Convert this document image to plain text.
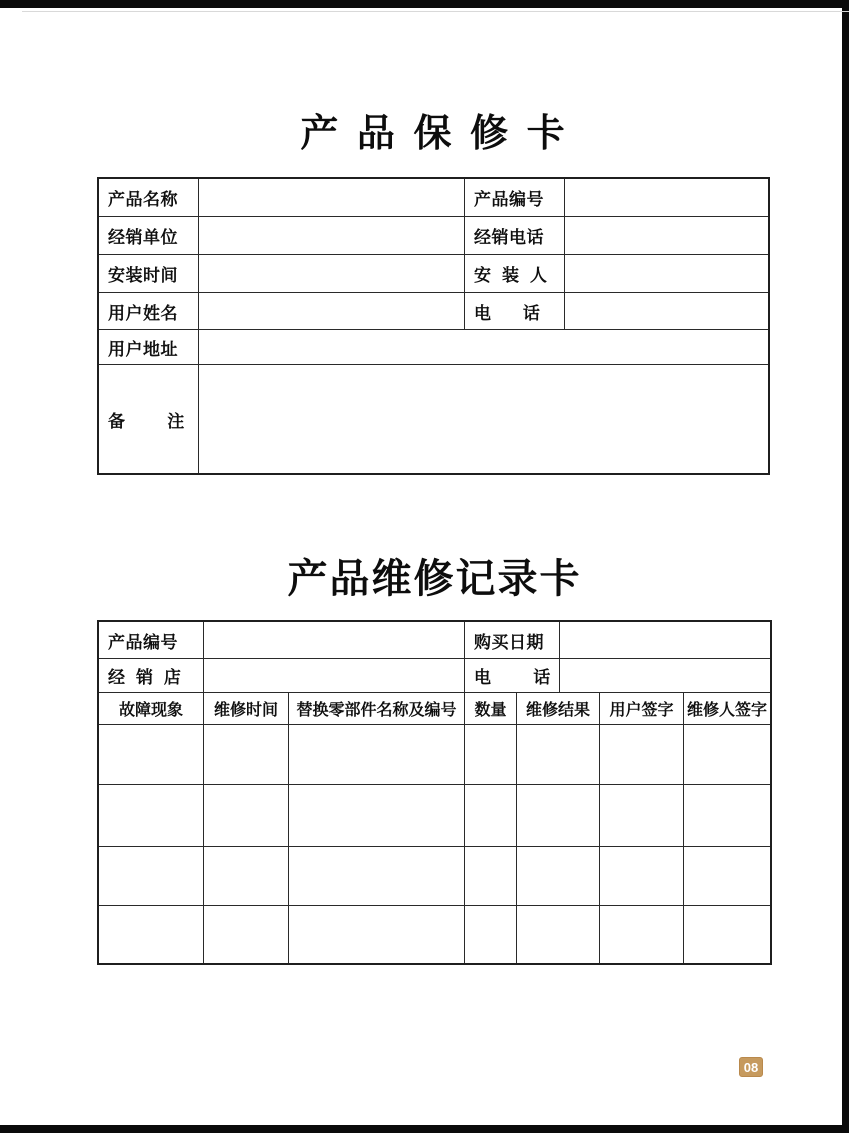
产 品 保 修 卡
产品名称	产品编号
经销单位	经销电话
安装时间	安  装  人
用户姓名	电      话
用户地址
备        注
产品维修记录卡
产品编号	购买日期
经  销  店	电        话
故障现象	维修时间	替换零部件名称及编号	数量	维修结果	用户签字 维修人签字
08
